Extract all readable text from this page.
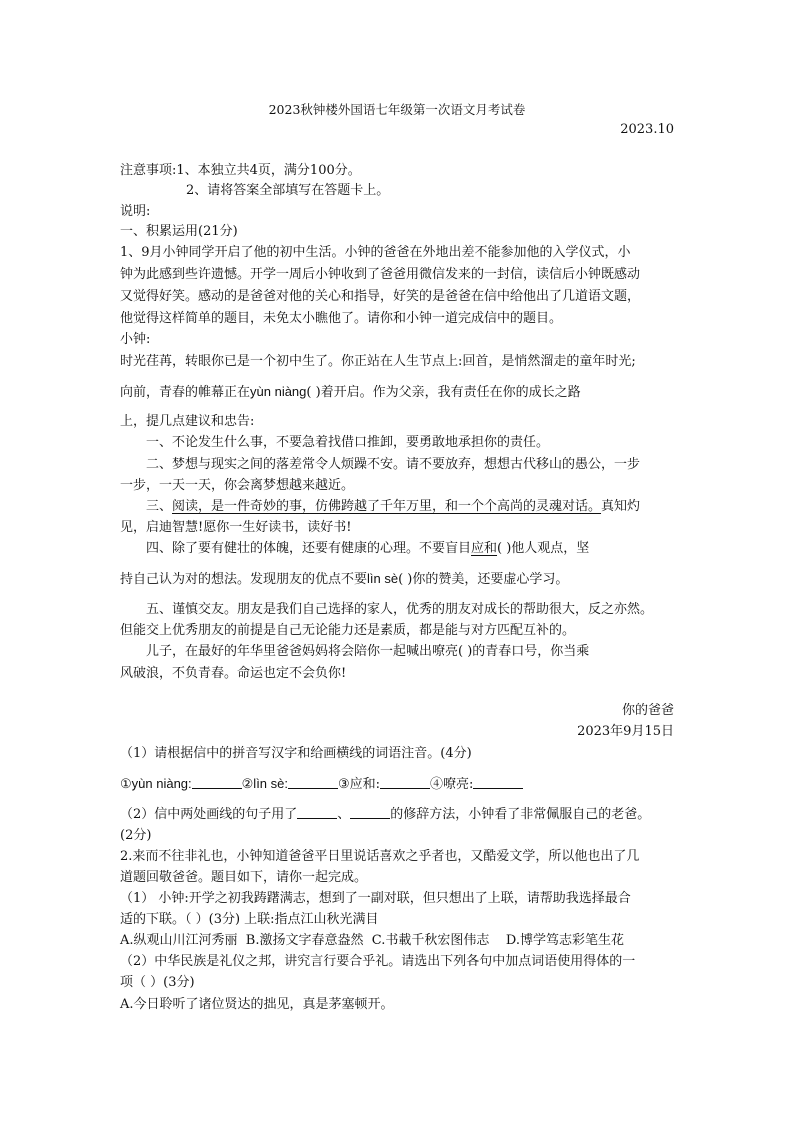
2023秋钟楼外国语七年级第一次语文月考试卷
2023.10
注意事项:1、本独立共4页，满分100分。
2、请将答案全部填写在答题卡上。
说明:
一、积累运用(21分)
1、9月小钟同学开启了他的初中生活。小钟的爸爸在外地出差不能参加他的入学仪式，小
钟为此感到些许遗憾。开学一周后小钟收到了爸爸用微信发来的一封信，读信后小钟既感动
又觉得好笑。感动的是爸爸对他的关心和指导，好笑的是爸爸在信中给他出了几道语文题，
他觉得这样简单的题目，未免太小瞧他了。请你和小钟一道完成信中的题目。
小钟:
时光荏苒，转眼你已是一个初中生了。你正站在人生节点上:回首，是悄然溜走的童年时光;
向前，青春的帷幕正在yùn niàng( )着开启。作为父亲，我有责任在你的成长之路
上，提几点建议和忠告:
一、不论发生什么事，不要急着找借口推卸，要勇敢地承担你的责任。
二、梦想与现实之间的落差常令人烦躁不安。请不要放弃，想想古代移山的愚公，一步
一步，一天一天，你会离梦想越来越近。
三、阅读，是一件奇妙的事，仿佛跨越了千年万里，和一个个高尚的灵魂对话。真知灼
见，启迪智慧!愿你一生好读书，读好书!
四、除了要有健壮的体魄，还要有健康的心理。不要盲目应和( )他人观点，坚
持自己认为对的想法。发现朋友的优点不要lìn sè( )你的赞美，还要虚心学习。
五、谨慎交友。朋友是我们自己选择的家人，优秀的朋友对成长的帮助很大，反之亦然。
但能交上优秀朋友的前提是自己无论能力还是素质，都是能与对方匹配互补的。
儿子，在最好的年华里爸爸妈妈将会陪你一起喊出嘹亮( )的青春口号，你当乘
风破浪，不负青春。命运也定不会负你!
你的爸爸
2023年9月15日
（1）请根据信中的拼音写汉字和给画横线的词语注音。(4分)
①yùn niàng:	②lìn sè:	③应和:	④嘹亮:
（2）信中两处画线的句子用了	、	的修辞方法，小钟看了非常佩服自己的老爸。
(2分)
2.来而不往非礼也，小钟知道爸爸平日里说话喜欢之乎者也，又酷爱文学，所以他也出了几
道题回敬爸爸。题目如下，请你一起完成。
（1） 小钟:开学之初我踌躇满志，想到了一副对联，但只想出了上联，请帮助我选择最合
适的下联。（ ）(3分) 上联:指点江山秋光满目
A.纵观山川江河秀丽 B.激扬文字春意盎然 C.书載千秋宏图伟志 D.博学笃志彩笔生花
（2）中华民族是礼仪之邦，讲究言行要合乎礼。请选出下列各句中加点词语使用得体的一
项（ ）(3分)
A.今日聆听了诸位贤达的拙见，真是茅塞顿开。
